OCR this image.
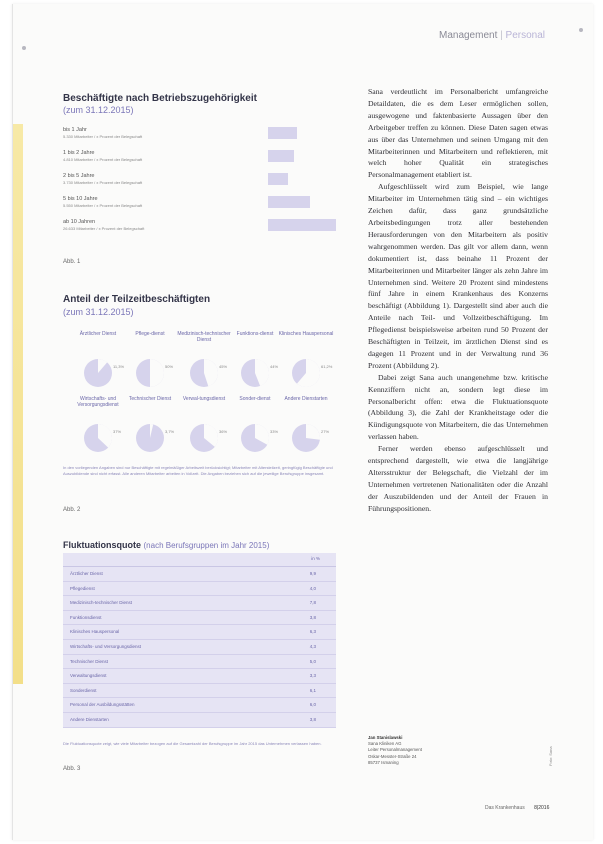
Management | Personal
Beschäftigte nach Betriebszugehörigkeit
(zum 31.12.2015)
bis 1 Jahr
5.330 Mitarbeiter / x Prozent der Belegschaft
1 bis 2 Jahre
4.810 Mitarbeiter / x Prozent der Belegschaft
2 bis 5 Jahre
3.730 Mitarbeiter / x Prozent der Belegschaft
5 bis 10 Jahre
5.550 Mitarbeiter / x Prozent der Belegschaft
ab 10 Jahren
26.633 Mitarbeiter / x Prozent der Belegschaft
Abb. 1
Anteil der Teilzeitbeschäftigten
(zum 31.12.2015)
Ärztlicher Dienst
11,3%
Pflege-dienst
50%
Medizinisch-technischer Dienst
45%
Funktions-dienst
44%
Klinisches Hauspersonal
61,2%
Wirtschafts- und Versorgungsdienst
37%
Technischer Dienst
3,7%
Verwal-tungsdienst
36%
Sonder-dienst
33%
Andere Dienstarten
27%
In den vorliegenden Angaben sind nur Beschäftigte mit regelmäßiger Arbeitszeit berücksichtigt; Mitarbeiter mit Altersteilzeit, geringfügig Beschäftigte und Auszubildende sind nicht erfasst. Alle anderen Mitarbeiter arbeiten in Vollzeit. Die Angaben beziehen sich auf die jeweilige Berufsgruppe insgesamt.
Abb. 2
Fluktuationsquote (nach Berufsgruppen im Jahr 2015)
in %
Ärztlicher Dienst	9,9
Pflegedienst	4,0
Medizinisch-technischer Dienst	7,8
Funktionsdienst	3,8
Klinisches Hauspersonal	6,3
Wirtschafts- und Versorgungsdienst	4,3
Technischer Dienst	5,0
Verwaltungsdienst	3,3
Sonderdienst	6,1
Personal der Ausbildungsstätten	6,0
Andere Dienstarten	3,8
Die Fluktuationsquote zeigt, wie viele Mitarbeiter bezogen auf die Gesamtzahl der Berufsgruppe im Jahr 2015 das Unternehmen verlassen haben.
Abb. 3

Sana verdeutlicht im Personalbericht umfangreiche Detaildaten, die es dem Leser ermöglichen sollen, ausgewogene und faktenbasierte Aussagen über den Arbeitgeber treffen zu können. Diese Daten sagen etwas aus über das Unternehmen und seinen Umgang mit den Mitarbeiterinnen und Mitarbeitern und reflektieren, mit welch hoher Qualität ein strategisches Personalmanagement etabliert ist.

Aufgeschlüsselt wird zum Beispiel, wie lange Mitarbeiter im Unternehmen tätig sind – ein wichtiges Zeichen dafür, dass ganz grundsätzliche Arbeitsbedingungen trotz aller bestehenden Herausforderungen von den Mitarbeitern als positiv wahrgenommen werden. Das gilt vor allem dann, wenn dokumentiert ist, dass beinahe 11 Prozent der Mitarbeiterinnen und Mitarbeiter länger als zehn Jahre im Unternehmen sind. Weitere 20 Prozent sind mindestens fünf Jahre in einem Krankenhaus des Konzerns beschäftigt (Abbildung 1). Dargestellt sind aber auch die Anteile nach Teil- und Vollzeitbeschäftigung. Im Pflegedienst beispielsweise arbeiten rund 50 Prozent der Beschäftigten in Teilzeit, im ärztlichen Dienst sind es dagegen 11 Prozent und in der Verwaltung rund 36 Prozent (Abbildung 2).

Dabei zeigt Sana auch unangenehme bzw. kritische Kennziffern nicht an, sondern legt diese im Personalbericht offen: etwa die Fluktuationsquote (Abbildung 3), die Zahl der Krankheitstage oder die Kündigungsquote von Mitarbeitern, die das Unternehmen verlassen haben.

Ferner werden ebenso aufgeschlüsselt und entsprechend dargestellt, wie etwa die langjährige Altersstruktur der Belegschaft, die Vielzahl der im Unternehmen vertretenen Nationalitäten oder die Anzahl der Auszubildenden und der Anteil der Frauen in Führungspositionen.

Jan Stanislawski
Sana Kliniken AG
Leiter Personalmanagement
Oskar-Messter-Straße 24
85737 Ismaning	Foto: Sana
Das Krankenhaus 8|2016
